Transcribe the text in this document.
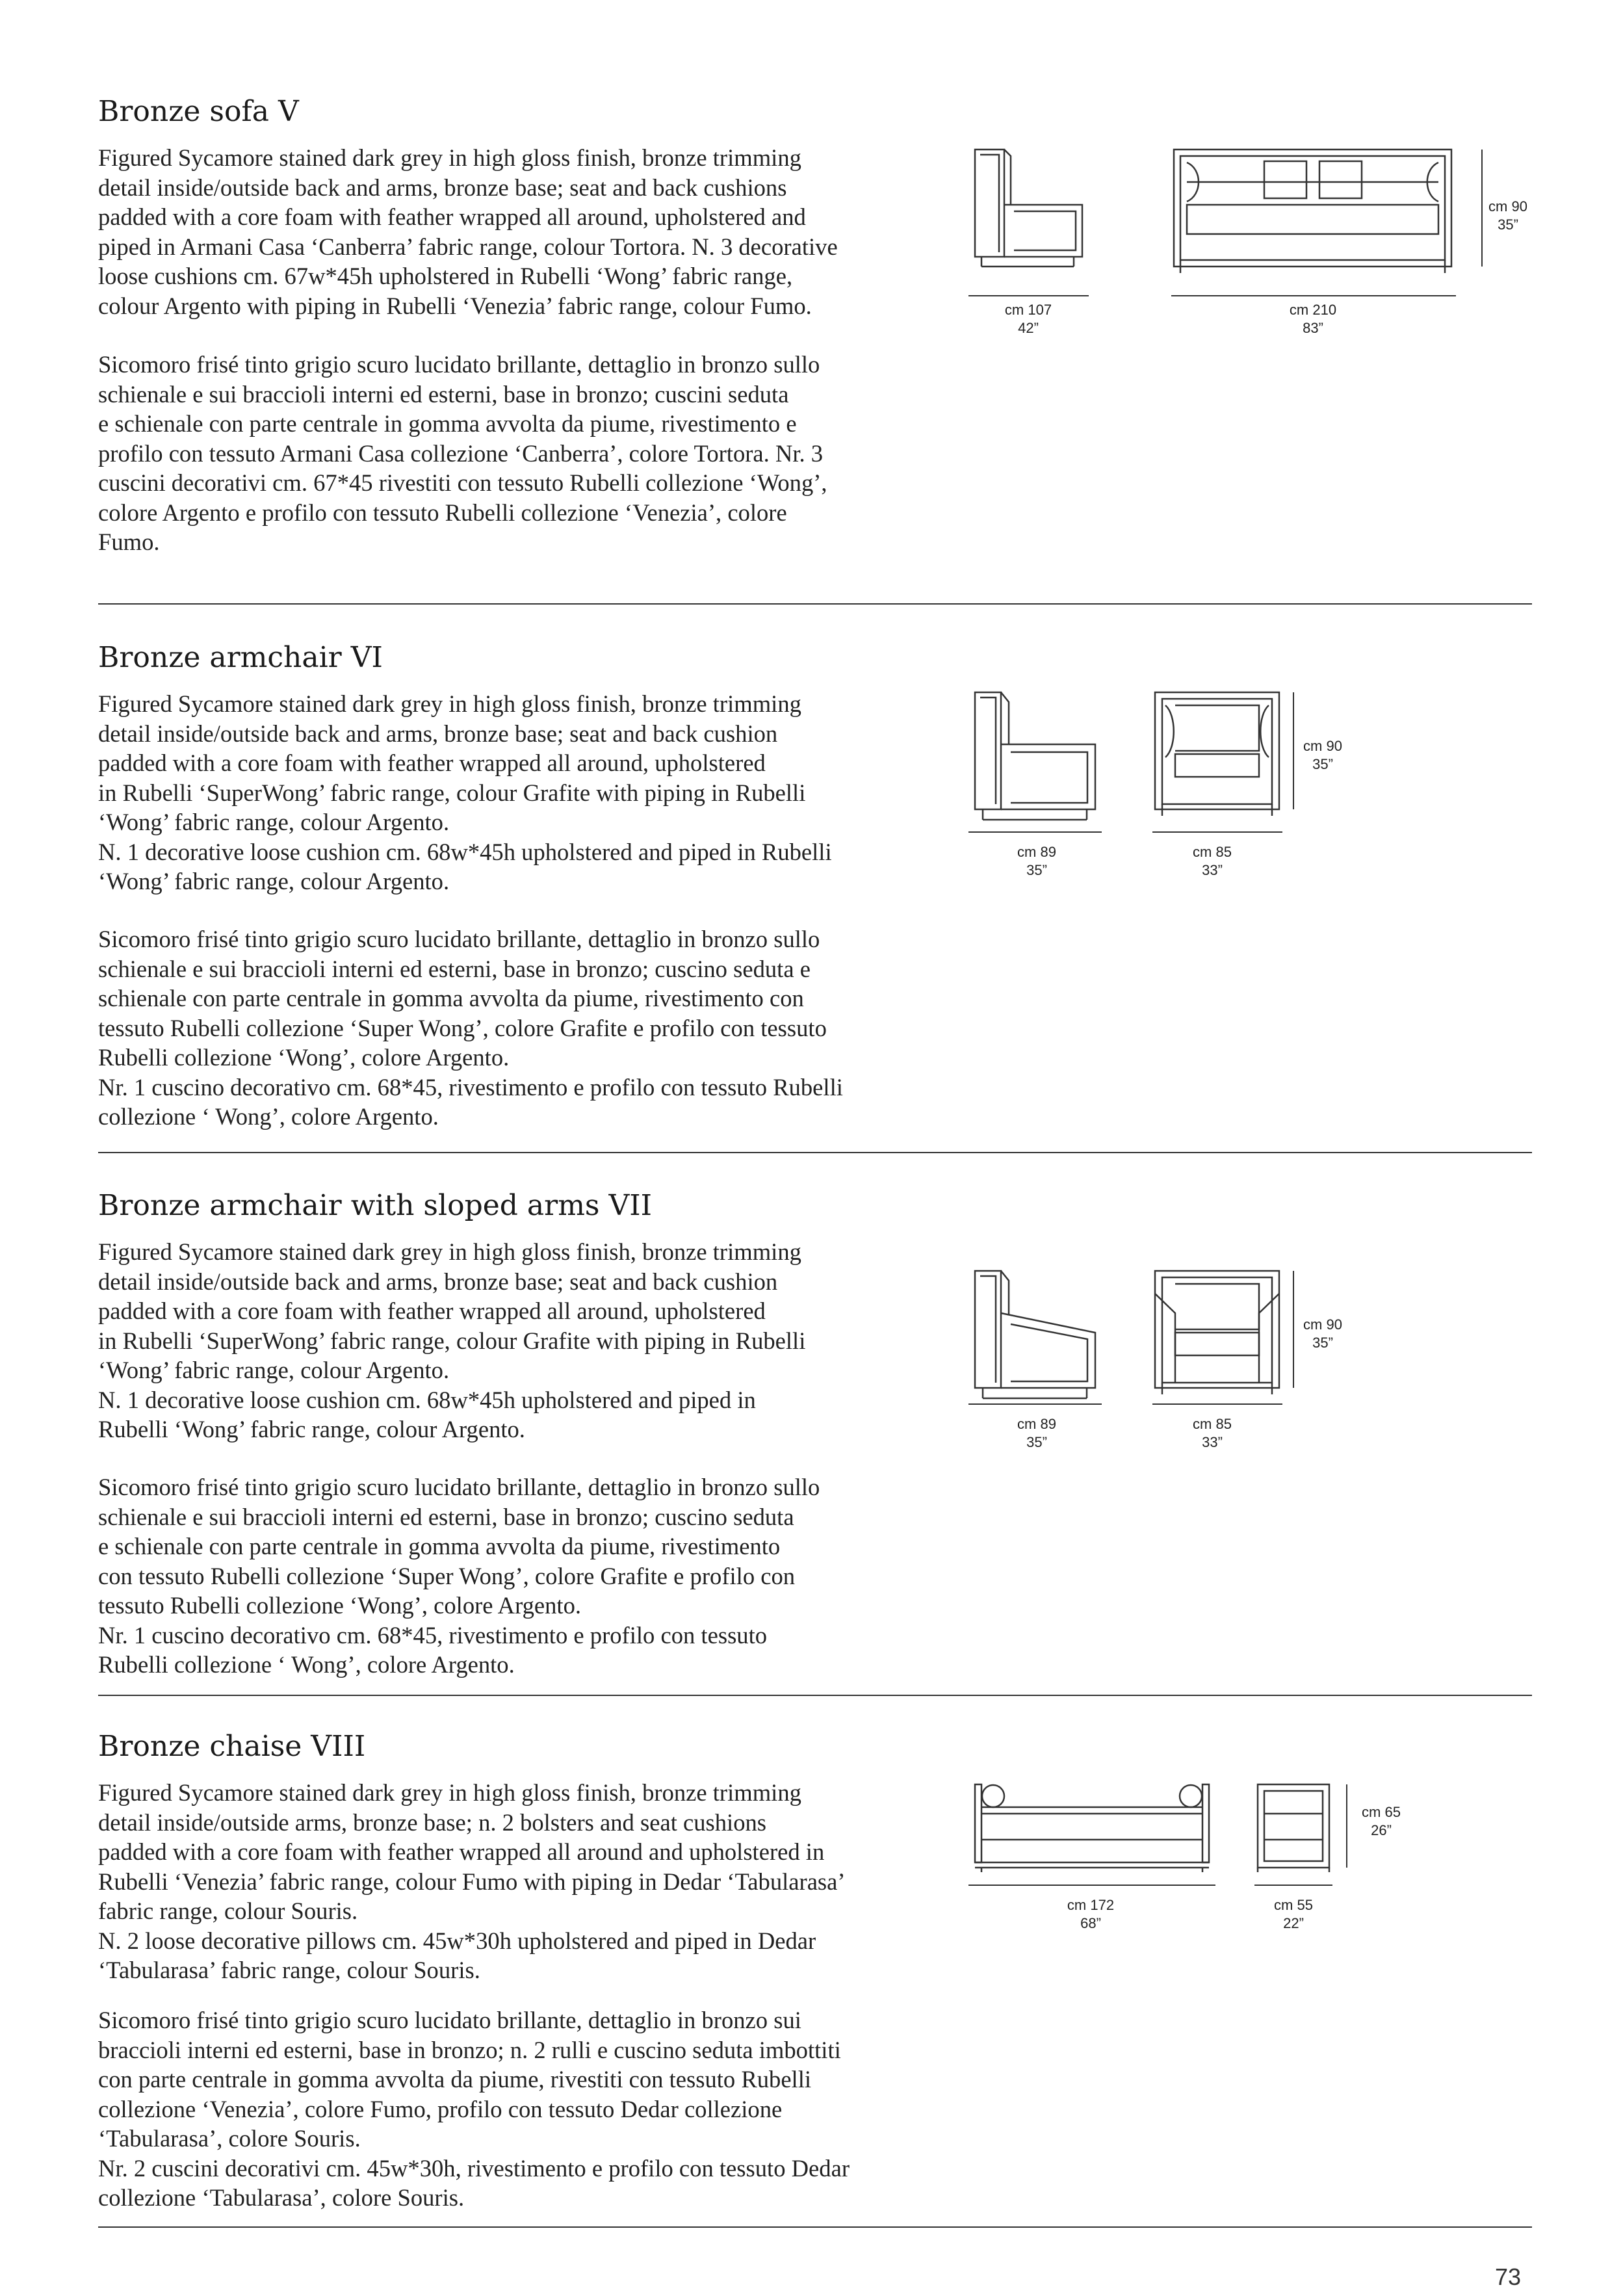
Bronze sofa V
Figured Sycamore stained dark grey in high gloss finish, bronze trimming
detail inside/outside back and arms, bronze base; seat and back cushions
padded with a core foam with feather wrapped all around, upholstered and
piped in Armani Casa ‘Canberra’ fabric range, colour Tortora. N. 3 decorative
loose cushions cm. 67w*45h upholstered in Rubelli ‘Wong’ fabric range,
colour Argento with piping in Rubelli ‘Venezia’ fabric range, colour Fumo.
Sicomoro frisé tinto grigio scuro lucidato brillante, dettaglio in bronzo sullo
schienale e sui braccioli interni ed esterni, base in bronzo; cuscini seduta
e schienale con parte centrale in gomma avvolta da piume, rivestimento e
profilo con tessuto Armani Casa collezione ‘Canberra’, colore Tortora. Nr. 3
cuscini decorativi cm. 67*45 rivestiti con tessuto Rubelli collezione ‘Wong’,
colore Argento e profilo con tessuto Rubelli collezione ‘Venezia’, colore
Fumo.
cm 107
42”
cm 210
83”
cm 90
35”
Bronze armchair VI
Figured Sycamore stained dark grey in high gloss finish, bronze trimming
detail inside/outside back and arms, bronze base; seat and back cushion
padded with a core foam with feather wrapped all around, upholstered
in Rubelli ‘SuperWong’ fabric range, colour Grafite with piping in Rubelli
‘Wong’ fabric range, colour Argento.
N. 1 decorative loose cushion cm. 68w*45h upholstered and piped in Rubelli
‘Wong’ fabric range, colour Argento.
Sicomoro frisé tinto grigio scuro lucidato brillante, dettaglio in bronzo sullo
schienale e sui braccioli interni ed esterni, base in bronzo; cuscino seduta e
schienale con parte centrale in gomma avvolta da piume, rivestimento con
tessuto Rubelli collezione ‘Super Wong’, colore Grafite e profilo con tessuto
Rubelli collezione ‘Wong’, colore Argento.
Nr. 1 cuscino decorativo cm. 68*45, rivestimento e profilo con tessuto Rubelli
collezione ‘ Wong’, colore Argento.
cm 89
35”
cm 85
33”
cm 90
35”
Bronze armchair with sloped arms VII
Figured Sycamore stained dark grey in high gloss finish, bronze trimming
detail inside/outside back and arms, bronze base; seat and back cushion
padded with a core foam with feather wrapped all around, upholstered
in Rubelli ‘SuperWong’ fabric range, colour Grafite with piping in Rubelli
‘Wong’ fabric range, colour Argento.
N. 1 decorative loose cushion cm. 68w*45h upholstered and piped in
Rubelli ‘Wong’ fabric range, colour Argento.
Sicomoro frisé tinto grigio scuro lucidato brillante, dettaglio in bronzo sullo
schienale e sui braccioli interni ed esterni, base in bronzo; cuscino seduta
e schienale con parte centrale in gomma avvolta da piume, rivestimento
con tessuto Rubelli collezione ‘Super Wong’, colore Grafite e profilo con
tessuto Rubelli collezione ‘Wong’, colore Argento.
Nr. 1 cuscino decorativo cm. 68*45, rivestimento e profilo con tessuto
Rubelli collezione ‘ Wong’, colore Argento.
cm 89
35”
cm 85
33”
cm 90
35”
Bronze chaise VIII
Figured Sycamore stained dark grey in high gloss finish, bronze trimming
detail inside/outside arms, bronze base; n. 2 bolsters and seat cushions
padded with a core foam with feather wrapped all around and upholstered in
Rubelli ‘Venezia’ fabric range, colour Fumo with piping in Dedar ‘Tabularasa’
fabric range, colour Souris.
N. 2 loose decorative pillows cm. 45w*30h upholstered and piped in Dedar
‘Tabularasa’ fabric range, colour Souris.
Sicomoro frisé tinto grigio scuro lucidato brillante, dettaglio in bronzo sui
braccioli interni ed esterni, base in bronzo; n. 2 rulli e cuscino seduta imbottiti
con parte centrale in gomma avvolta da piume, rivestiti con tessuto Rubelli
collezione ‘Venezia’, colore Fumo, profilo con tessuto Dedar collezione
‘Tabularasa’, colore Souris.
Nr. 2 cuscini decorativi cm. 45w*30h, rivestimento e profilo con tessuto Dedar
collezione ‘Tabularasa’, colore Souris.
cm 172
68”
cm 55
22”
cm 65
26”
73
